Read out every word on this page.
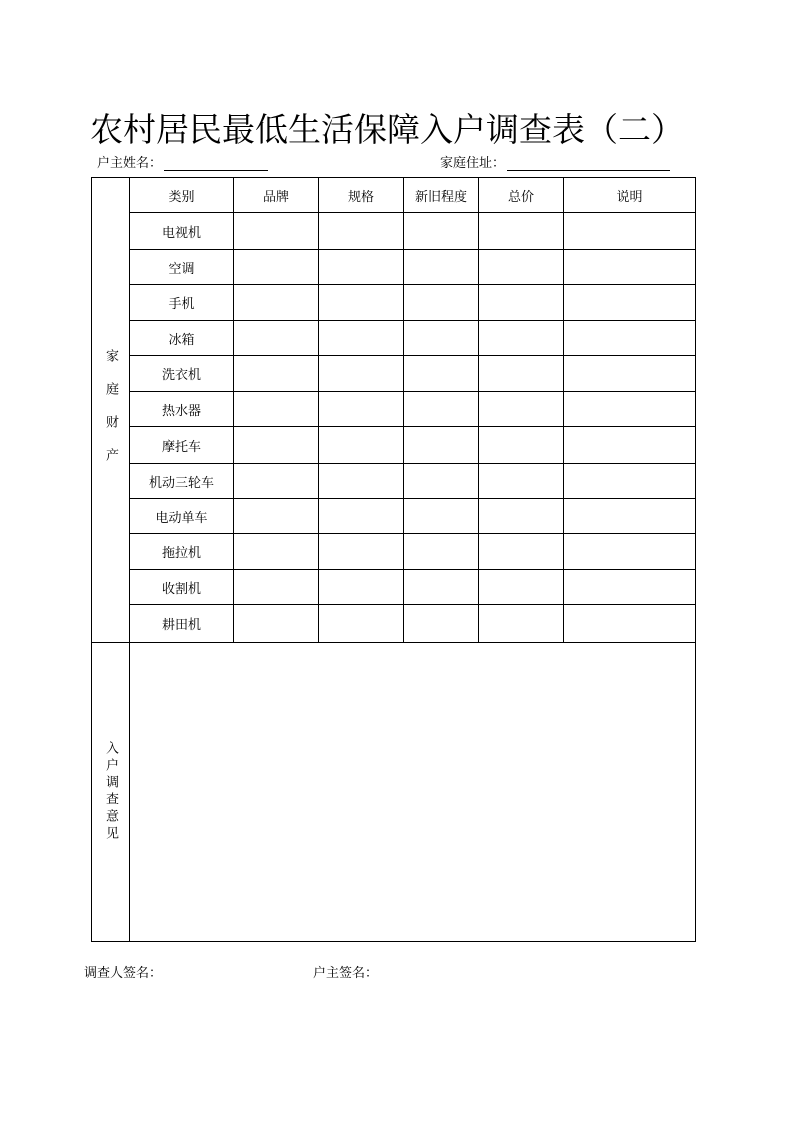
农村居民最低生活保障入户调查表（二）
户主姓名：	家庭住址：
家庭财产	类别	品牌	规格	新旧程度	总价	说明
	电视机					
	空调					
	手机					
	冰箱					
	洗衣机					
	热水器					
	摩托车					
	机动三轮车					
	电动单车					
	拖拉机					
	收割机					
	耕田机					

入户调查意见						

调查人签名：	户主签名：
